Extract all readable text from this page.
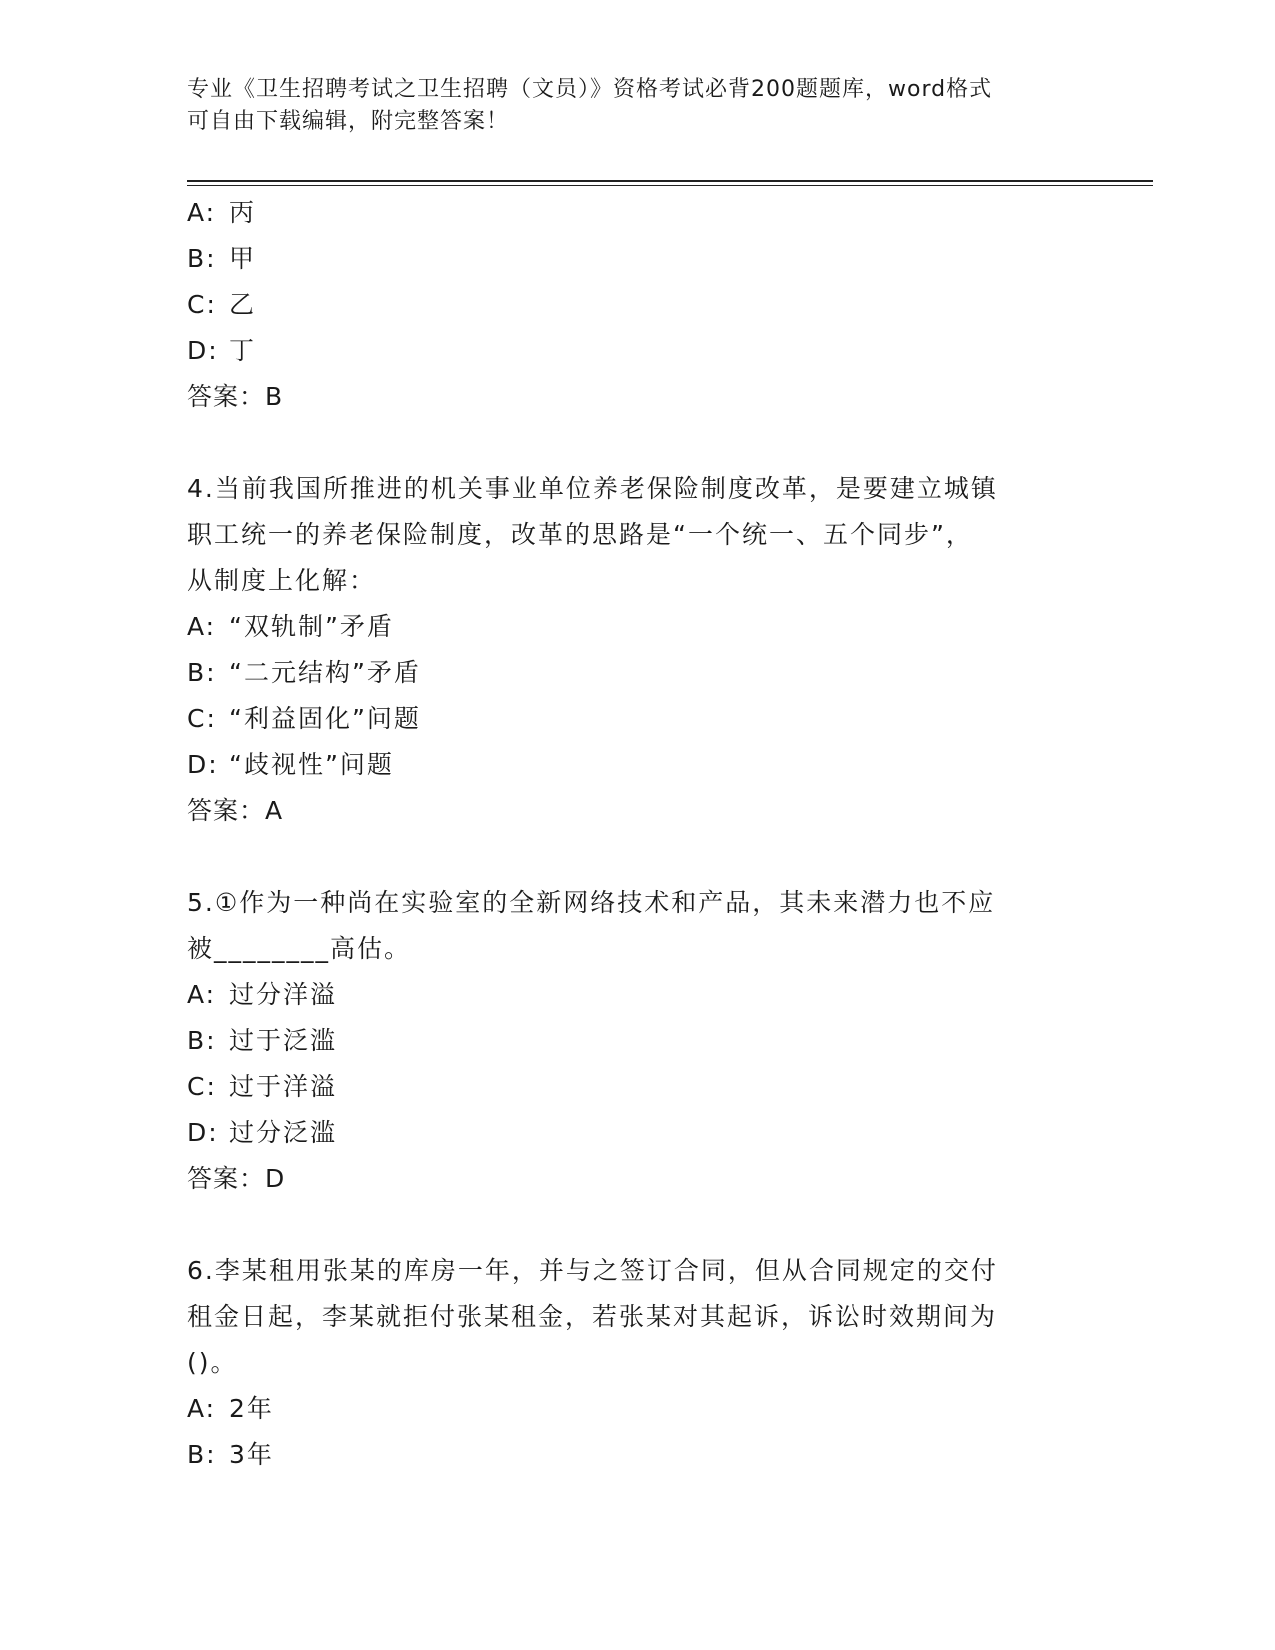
专业《卫生招聘考试之卫生招聘（文员）》资格考试必背200题题库，word格式
可自由下载编辑，附完整答案！
A: 丙
B: 甲
C: 乙
D: 丁
答案：B
4.当前我国所推进的机关事业单位养老保险制度改革，是要建立城镇
职工统一的养老保险制度，改革的思路是“一个统一、五个同步”，
从制度上化解：
A: “双轨制”矛盾
B: “二元结构”矛盾
C: “利益固化”问题
D: “歧视性”问题
答案：A
5.①作为一种尚在实验室的全新网络技术和产品，其未来潜力也不应
被________高估。
A: 过分洋溢
B: 过于泛滥
C: 过于洋溢
D: 过分泛滥
答案：D
6.李某租用张某的库房一年，并与之签订合同，但从合同规定的交付
租金日起，李某就拒付张某租金，若张某对其起诉，诉讼时效期间为
()。
A: 2年
B: 3年
